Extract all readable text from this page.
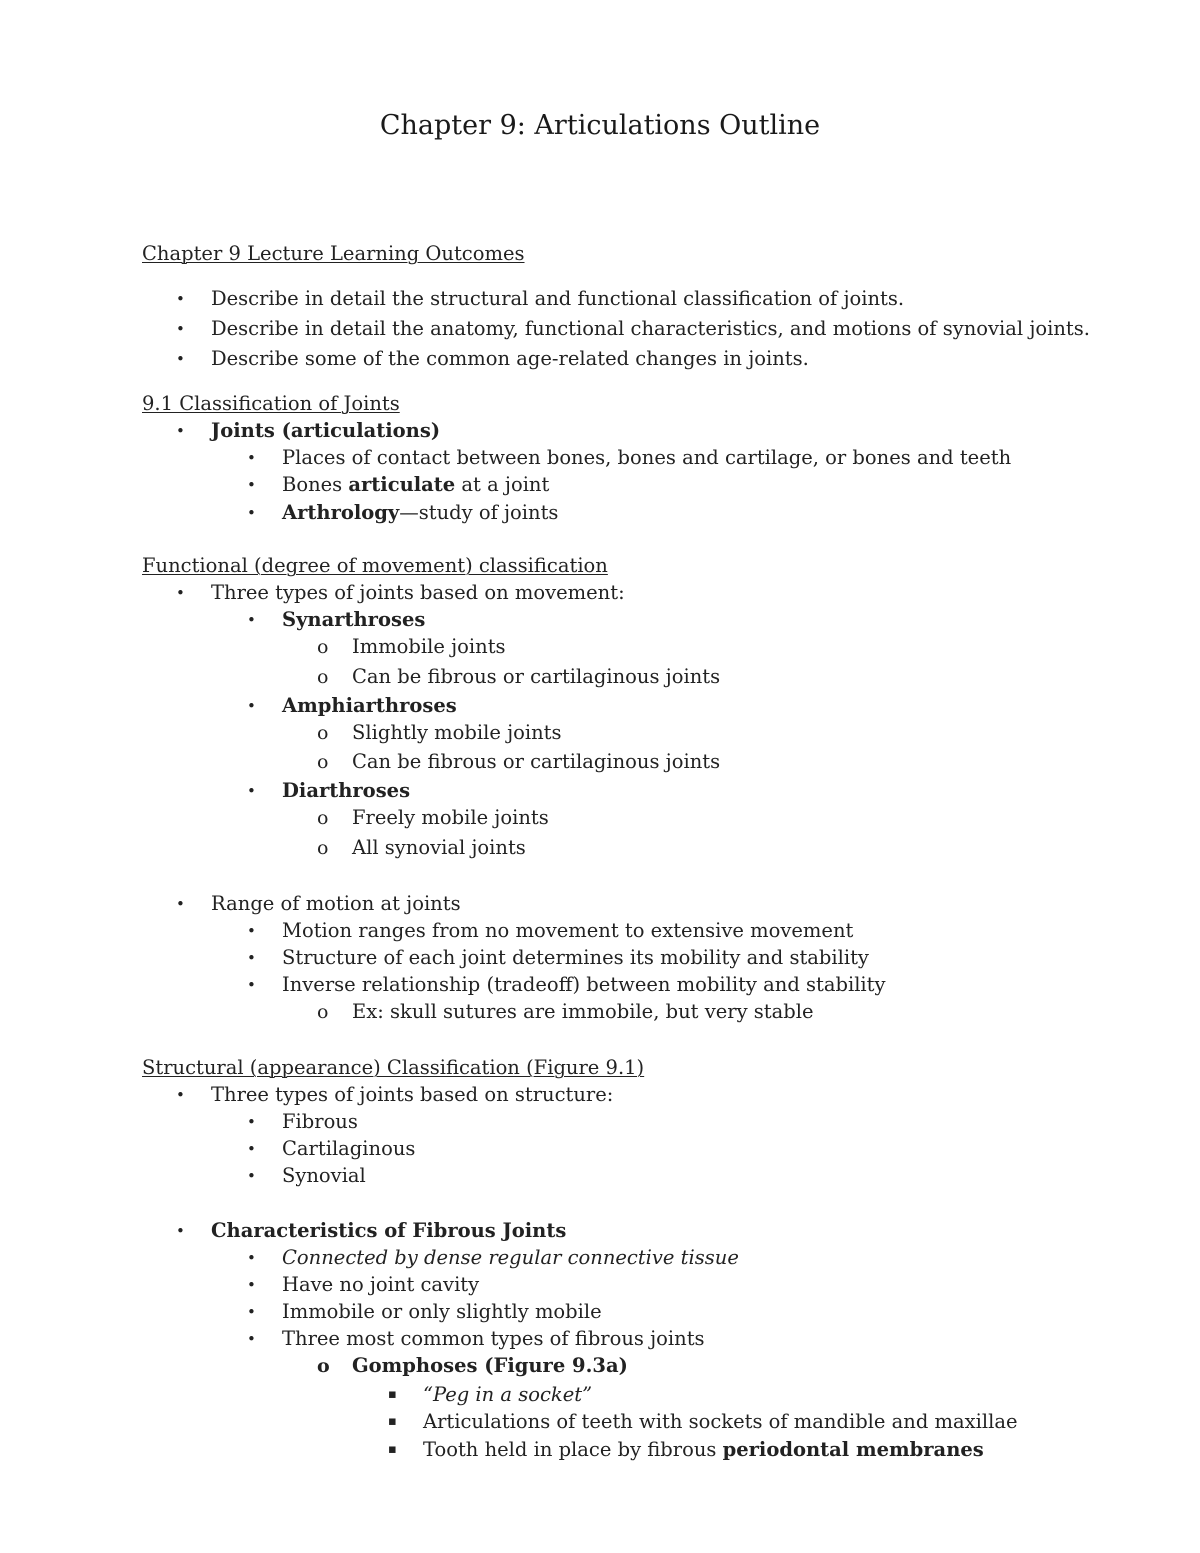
Chapter 9: Articulations Outline
Chapter 9 Lecture Learning Outcomes
• Describe in detail the structural and functional classification of joints.
• Describe in detail the anatomy, functional characteristics, and motions of synovial joints.
• Describe some of the common age-related changes in joints.
9.1 Classification of Joints
• Joints (articulations)
• Places of contact between bones, bones and cartilage, or bones and teeth
• Bones articulate at a joint
• Arthrology—study of joints
Functional (degree of movement) classification
• Three types of joints based on movement:
• Synarthroses
o Immobile joints
o Can be fibrous or cartilaginous joints
• Amphiarthroses
o Slightly mobile joints
o Can be fibrous or cartilaginous joints
• Diarthroses
o Freely mobile joints
o All synovial joints
• Range of motion at joints
• Motion ranges from no movement to extensive movement
• Structure of each joint determines its mobility and stability
• Inverse relationship (tradeoff) between mobility and stability
o Ex: skull sutures are immobile, but very stable
Structural (appearance) Classification (Figure 9.1)
• Three types of joints based on structure:
• Fibrous
• Cartilaginous
• Synovial
• Characteristics of Fibrous Joints
• Connected by dense regular connective tissue
• Have no joint cavity
• Immobile or only slightly mobile
• Three most common types of fibrous joints
o Gomphoses (Figure 9.3a)
▪ “Peg in a socket”
▪ Articulations of teeth with sockets of mandible and maxillae
▪ Tooth held in place by fibrous periodontal membranes
